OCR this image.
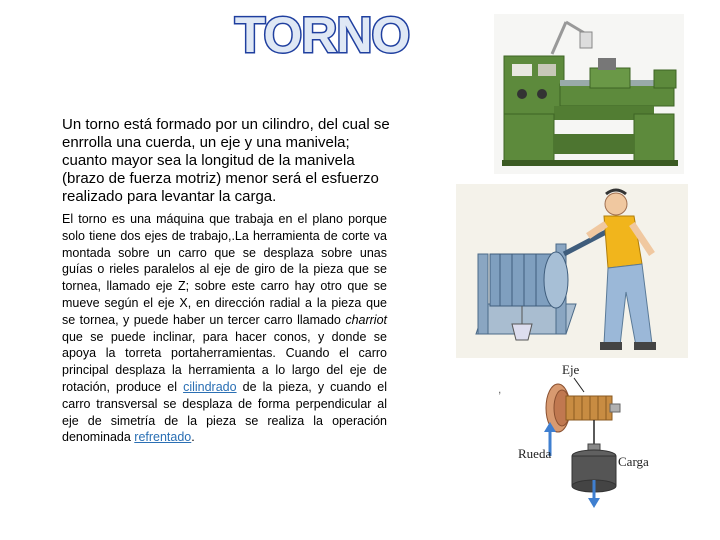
TORNO

Un torno está formado por un cilindro, del cual se enrrolla una cuerda, un eje y una manivela; cuanto mayor sea la longitud de la manivela (brazo de fuerza motriz) menor será el esfuerzo realizado para levantar la carga.

El torno es una máquina que trabaja en el plano porque solo tiene dos ejes de trabajo,.La herramienta de corte va montada sobre un carro que se desplaza sobre unas guías o rieles paralelos al eje de giro de la pieza que se tornea, llamado eje Z; sobre este carro hay otro que se mueve según el eje X, en dirección radial a la pieza que se tornea, y puede haber un tercer carro llamado charriot que se puede inclinar, para hacer conos, y donde se apoya la torreta portaherramientas. Cuando el carro principal desplaza la herramienta a lo largo del eje de rotación, produce el cilindrado de la pieza, y cuando el carro transversal se desplaza de forma perpendicular al eje de simetría de la pieza se realiza la operación denominada refrentado.

,
Eje
Rueda
Carga
